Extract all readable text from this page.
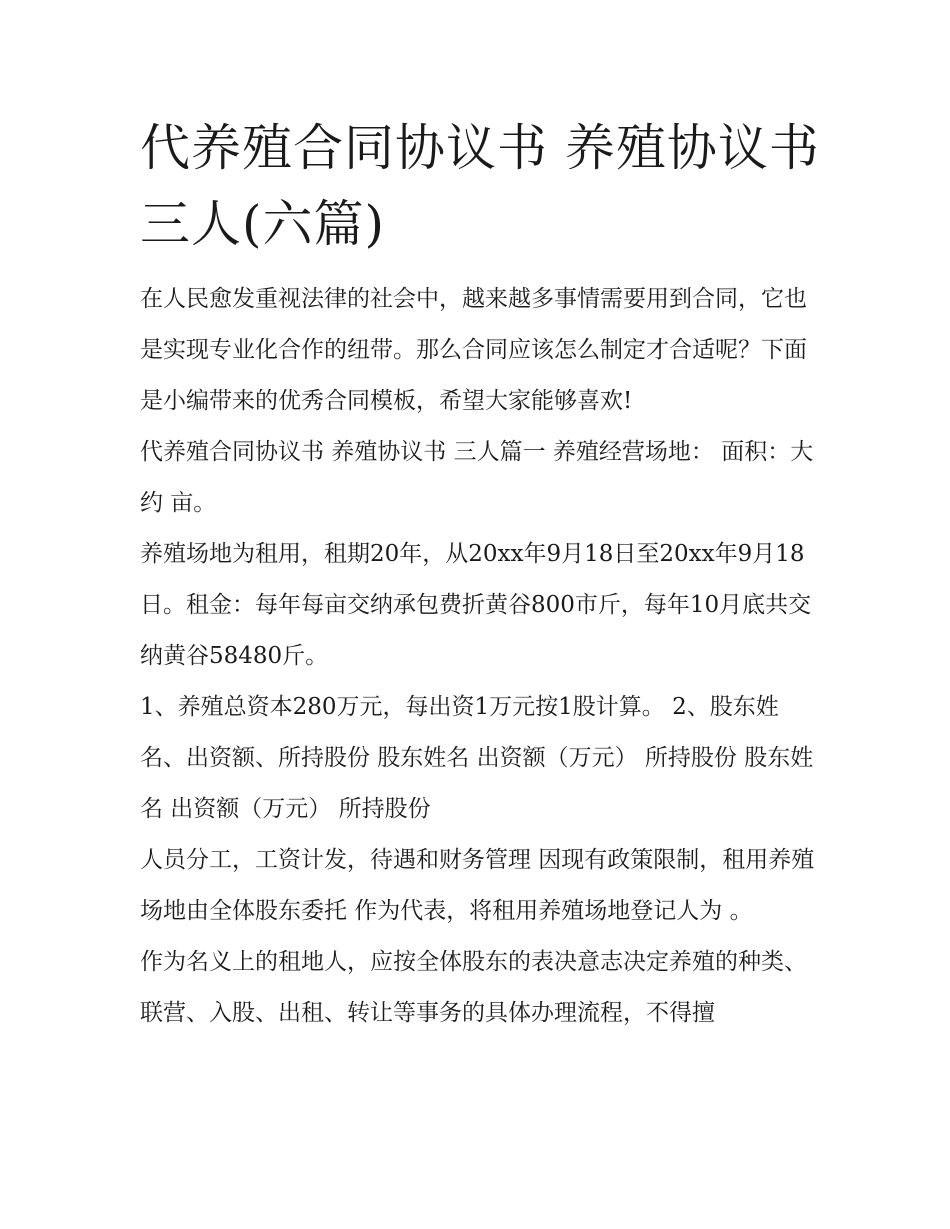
代养殖合同协议书 养殖协议书三人(六篇)

在人民愈发重视法律的社会中，越来越多事情需要用到合同，它也是实现专业化合作的纽带。那么合同应该怎么制定才合适呢？下面是小编带来的优秀合同模板，希望大家能够喜欢!

代养殖合同协议书 养殖协议书 三人篇一 养殖经营场地： 面积：大约 亩。

养殖场地为租用，租期20年，从20xx年9月18日至20xx年9月18日。租金：每年每亩交纳承包费折黄谷800市斤，每年10月底共交纳黄谷58480斤。

1、养殖总资本280万元，每出资1万元按1股计算。 2、股东姓名、出资额、所持股份 股东姓名 出资额（万元） 所持股份 股东姓名 出资额（万元） 所持股份

人员分工，工资计发，待遇和财务管理 因现有政策限制，租用养殖场地由全体股东委托 作为代表，将租用养殖场地登记人为 。

作为名义上的租地人，应按全体股东的表决意志决定养殖的种类、联营、入股、出租、转让等事务的具体办理流程，不得擅
